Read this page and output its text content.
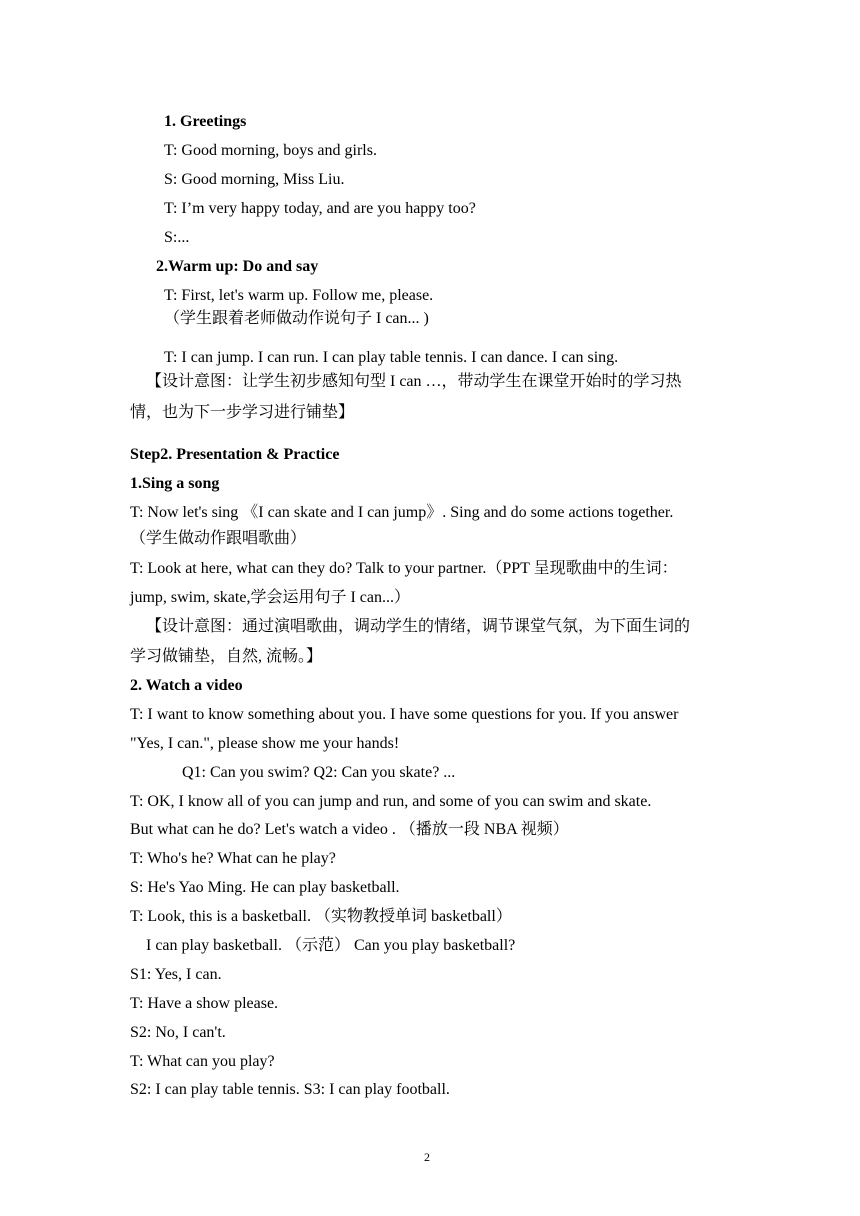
1. Greetings
T: Good morning, boys and girls.
S: Good morning, Miss Liu.
T: I’m very happy today, and are you happy too?
S:...
2.Warm up: Do and say
T: First, let's warm up. Follow me, please.
（学生跟着老师做动作说句子 I can... )
T: I can jump. I can run. I can play table tennis. I can dance. I can sing.
【设计意图：让学生初步感知句型 I can …，带动学生在课堂开始时的学习热
情，也为下一步学习进行铺垫】
Step2. Presentation & Practice
1.Sing a song
T: Now let's sing 《I can skate and I can jump》. Sing and do some actions together.
（学生做动作跟唱歌曲）
T: Look at here, what can they do? Talk to your partner.（PPT 呈现歌曲中的生词：
jump, swim, skate,学会运用句子 I can...）
【设计意图：通过演唱歌曲，调动学生的情绪，调节课堂气氛，为下面生词的
学习做铺垫，自然, 流畅。】
2. Watch a video
T: I want to know something about you. I have some questions for you. If you answer
"Yes, I can.", please show me your hands!
Q1: Can you swim? Q2: Can you skate? ...
T: OK, I know all of you can jump and run, and some of you can swim and skate.
But what can he do? Let's watch a video . （播放一段 NBA 视频）
T: Who's he? What can he play?
S: He's Yao Ming. He can play basketball.
T: Look, this is a basketball. （实物教授单词 basketball）
I can play basketball. （示范） Can you play basketball?
S1: Yes, I can.
T: Have a show please.
S2: No, I can't.
T: What can you play?
S2: I can play table tennis. S3: I can play football.
2
